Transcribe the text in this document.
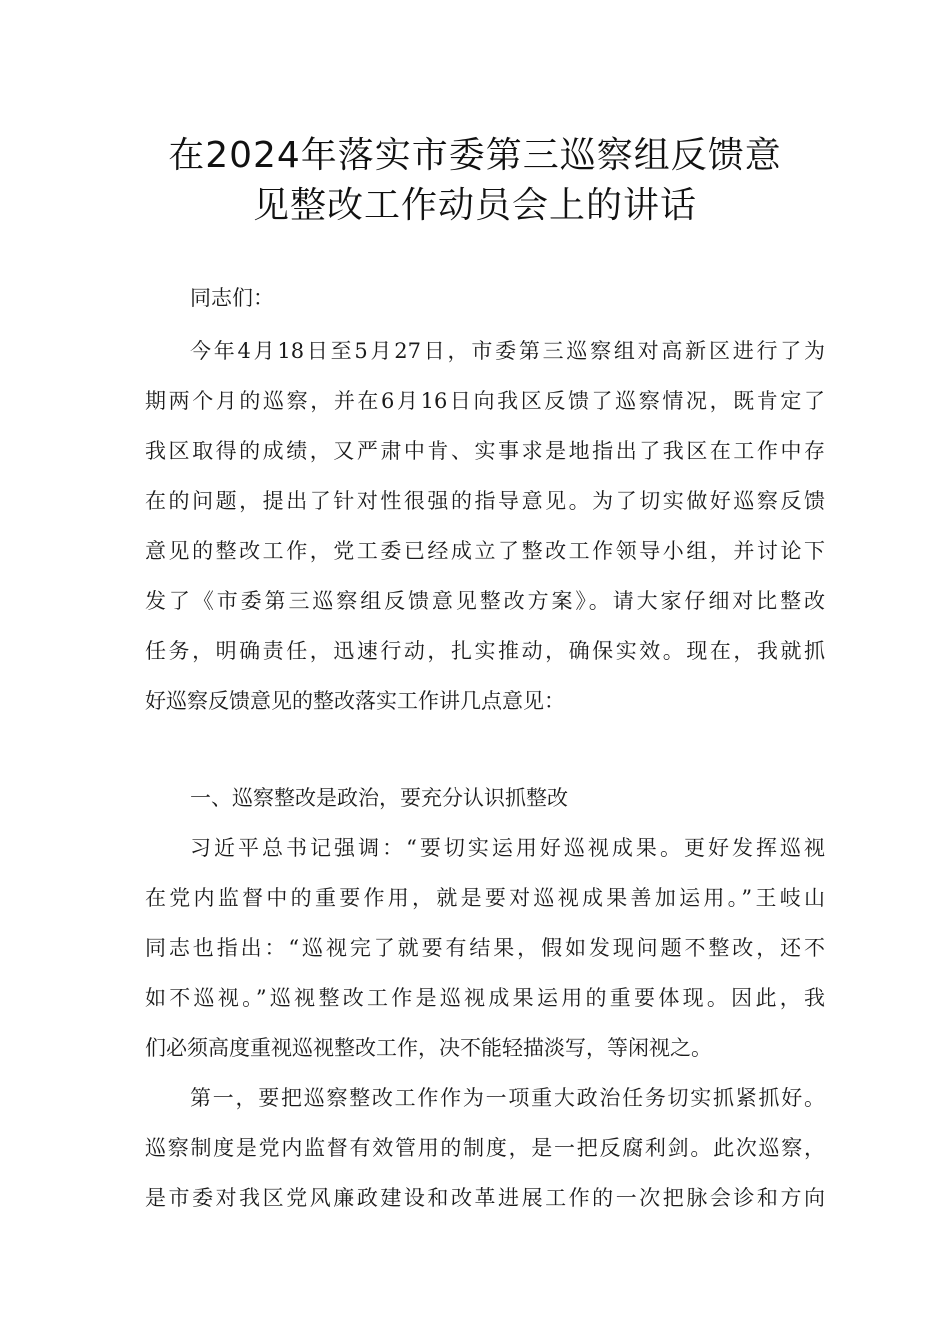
在2024年落实市委第三巡察组反馈意
见整改工作动员会上的讲话
同志们：
今年4月18日至5月27日，市委第三巡察组对高新区进行了为
期两个月的巡察，并在6月16日向我区反馈了巡察情况，既肯定了
我区取得的成绩，又严肃中肯、实事求是地指出了我区在工作中存
在的问题，提出了针对性很强的指导意见。为了切实做好巡察反馈
意见的整改工作，党工委已经成立了整改工作领导小组，并讨论下
发了《市委第三巡察组反馈意见整改方案》。请大家仔细对比整改
任务，明确责任，迅速行动，扎实推动，确保实效。现在，我就抓
好巡察反馈意见的整改落实工作讲几点意见：
一、巡察整改是政治，要充分认识抓整改
习近平总书记强调：“要切实运用好巡视成果。更好发挥巡视
在党内监督中的重要作用，就是要对巡视成果善加运用。”王岐山
同志也指出：“巡视完了就要有结果，假如发现问题不整改，还不
如不巡视。”巡视整改工作是巡视成果运用的重要体现。因此，我
们必须高度重视巡视整改工作，决不能轻描淡写，等闲视之。
第一，要把巡察整改工作作为一项重大政治任务切实抓紧抓好。
巡察制度是党内监督有效管用的制度，是一把反腐利剑。此次巡察，
是市委对我区党风廉政建设和改革进展工作的一次把脉会诊和方向
